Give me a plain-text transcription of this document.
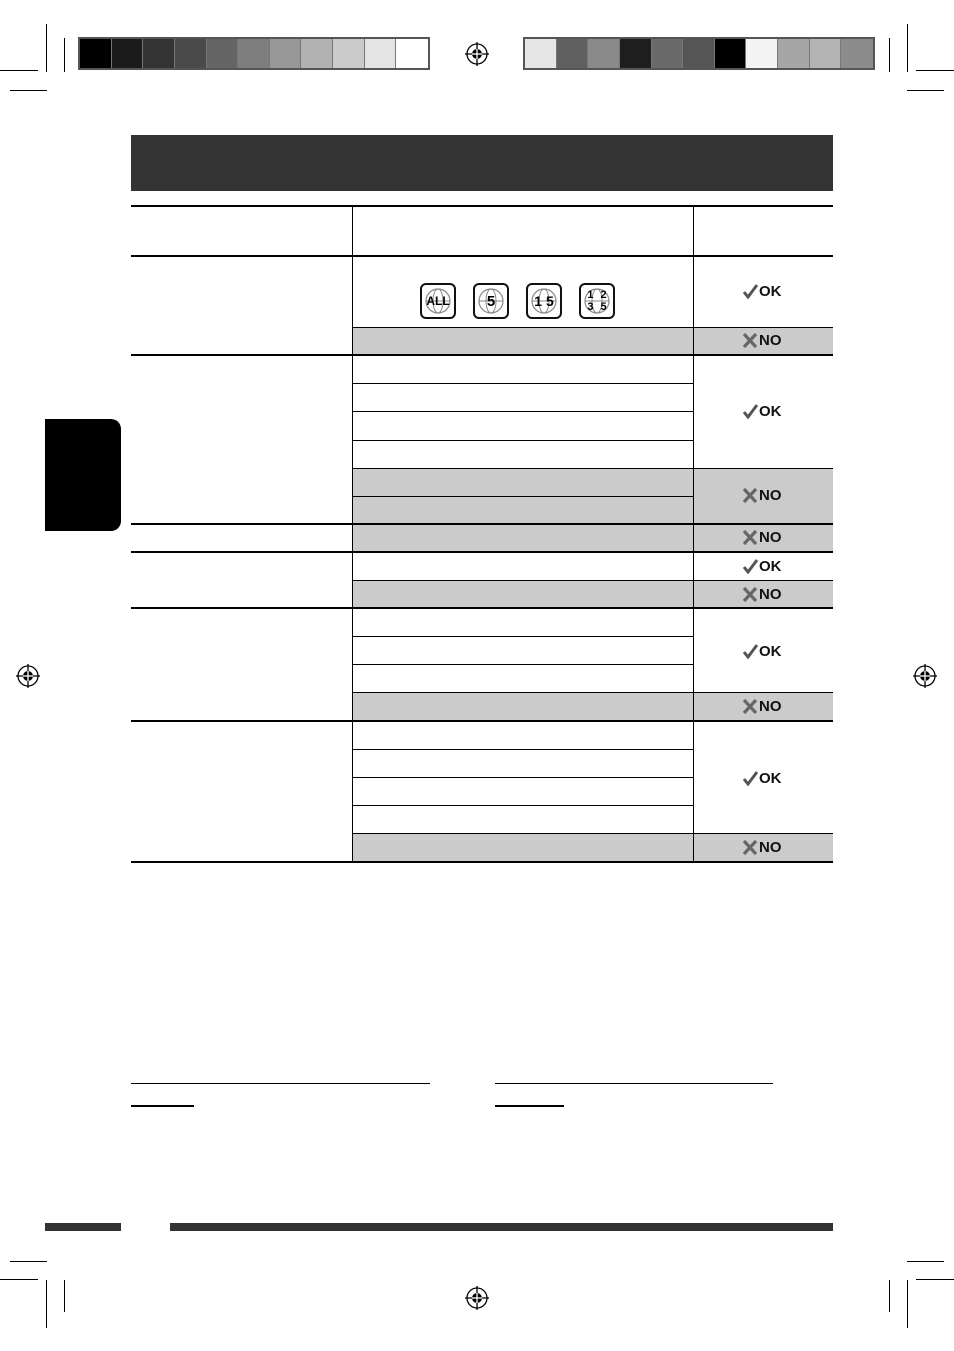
ALL	5	1 5	1 2 3 5
OK
NO
OK
NO
NO
OK
NO
OK
NO
OK
NO
